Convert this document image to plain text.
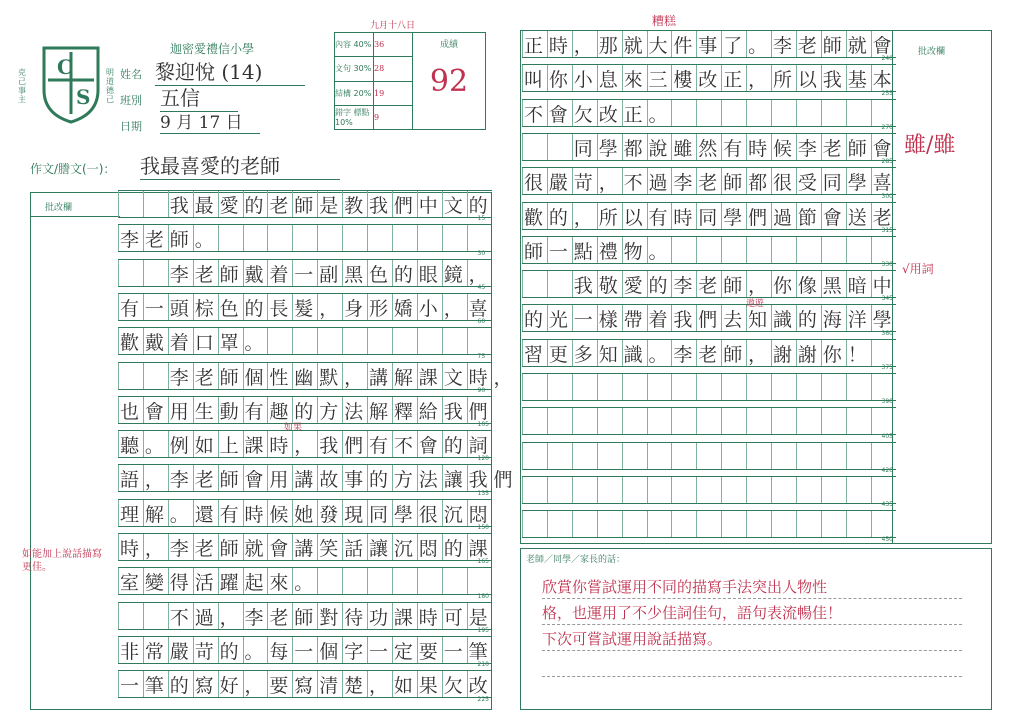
C
S
克己事主
明道德己
迦密愛禮信小學
姓名 黎迎悅 (14)
班別 五信
日期 9 月 17 日
九月十八日
內容 40%	36	成績
92

文句 30%	28	
結構 20%	19	
錯字 標點 10%	9	
作文/謄文(一)： 我最喜愛的老師
批改欄	　　我最愛的老師是教我們中文的
15
李老師。
30
　　李老師戴着一副黑色的眼鏡，
45
有一頭棕色的長髮，身形嬌小，喜
60
歡戴着口罩。
75
　　李老師個性幽默，講解課文時，
90
也會用生動有趣的方法解釋給我們
105
聽。例如上課時，我們有不會的詞
120
語，李老師會用講故事的方法讓我們
135
理解。還有時候她發現同學很沉悶
150
時，李老師就會講笑話讓沉悶的課
165
室變得活躍起來。
180
　　不過，李老師對待功課時可是
195
非常嚴苛的。每一個字一定要一筆
210
一筆的寫好，要寫清楚，如果欠改
225
如能加上說話描寫更佳。
如果
正時，那就大件事了。李老師就會
240
叫你小息來三樓改正，所以我基本
255
不會欠改正。
270
　　同學都說雖然有時候李老師會
285
很嚴苛，不過李老師都很受同學喜
300
歡的，所以有時同學們過節會送老
315
師一點禮物。
330
　　我敬愛的李老師，你像黑暗中
345
的光一樣帶着我們去知識的海洋學
360
習更多知識。李老師，謝謝你！
375
390
405
420
435
450
批改欄
糟糕
雖/雖
√用詞
遨遊
老師／同學／家長的話：
欣賞你嘗試運用不同的描寫手法突出人物性
格，也運用了不少佳詞佳句，語句表流暢佳！
下次可嘗試運用說話描寫。
